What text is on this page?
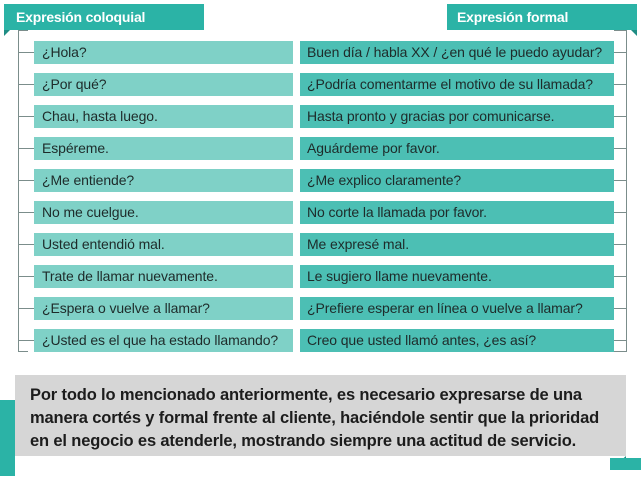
Expresión coloquial	Expresión formal
¿Hola?	Buen día / habla XX / ¿en qué le puedo ayudar?
¿Por qué?	¿Podría comentarme el motivo de su llamada?
Chau, hasta luego.	Hasta pronto y gracias por comunicarse.
Espéreme.	Aguárdeme por favor.
¿Me entiende?	¿Me explico claramente?
No me cuelgue.	No corte la llamada por favor.
Usted entendió mal.	Me expresé mal.
Trate de llamar nuevamente.	Le sugiero llame nuevamente.
¿Espera o vuelve a llamar?	¿Prefiere esperar en línea o vuelve a llamar?
¿Usted es el que ha estado llamando?	Creo que usted llamó antes, ¿es así?
Por todo lo mencionado anteriormente, es necesario expresarse de una
manera cortés y formal frente al cliente, haciéndole sentir que la prioridad
en el negocio es atenderle, mostrando siempre una actitud de servicio.
